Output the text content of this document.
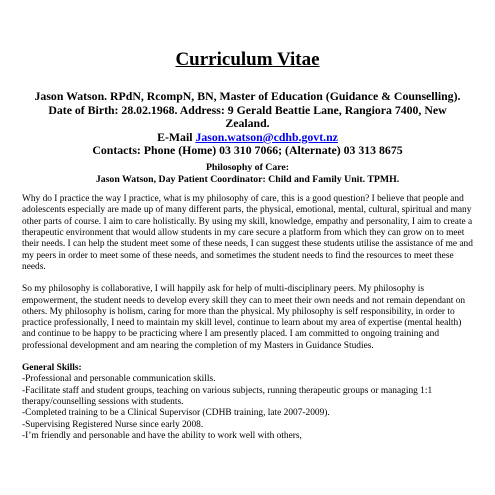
Curriculum Vitae
Jason Watson. RPdN, RcompN, BN, Master of Education (Guidance & Counselling).
Date of Birth: 28.02.1968. Address: 9 Gerald Beattie Lane, Rangiora 7400, New Zealand.
E-Mail Jason.watson@cdhb.govt.nz
Contacts: Phone (Home) 03 310 7066; (Alternate) 03 313 8675
Philosophy of Care:
Jason Watson, Day Patient Coordinator: Child and Family Unit. TPMH.

Why do I practice the way I practice, what is my philosophy of care, this is a good question? I believe that people and adolescents especially are made up of many different parts, the physical, emotional, mental, cultural, spiritual and many other parts of course. I aim to care holistically. By using my skill, knowledge, empathy and personality, I aim to create a therapeutic environment that would allow students in my care secure a platform from which they can grow on to meet their needs. I can help the student meet some of these needs, I can suggest these students utilise the assistance of me and my peers in order to meet some of these needs, and sometimes the student needs to find the resources to meet these needs.

So my philosophy is collaborative, I will happily ask for help of multi-disciplinary peers. My philosophy is empowerment, the student needs to develop every skill they can to meet their own needs and not remain dependant on others. My philosophy is holism, caring for more than the physical. My philosophy is self responsibility, in order to practice professionally, I need to maintain my skill level, continue to learn about my area of expertise (mental health) and continue to be happy to be practicing where I am presently placed. I am committed to ongoing training and professional development and am nearing the completion of my Masters in Guidance Studies.

General Skills:
-Professional and personable communication skills.
-Facilitate staff and student groups, teaching on various subjects, running therapeutic groups or managing 1:1 therapy/counselling sessions with students.
-Completed training to be a Clinical Supervisor (CDHB training, late 2007-2009).
-Supervising Registered Nurse since early 2008.
-I’m friendly and personable and have the ability to work well with others,
